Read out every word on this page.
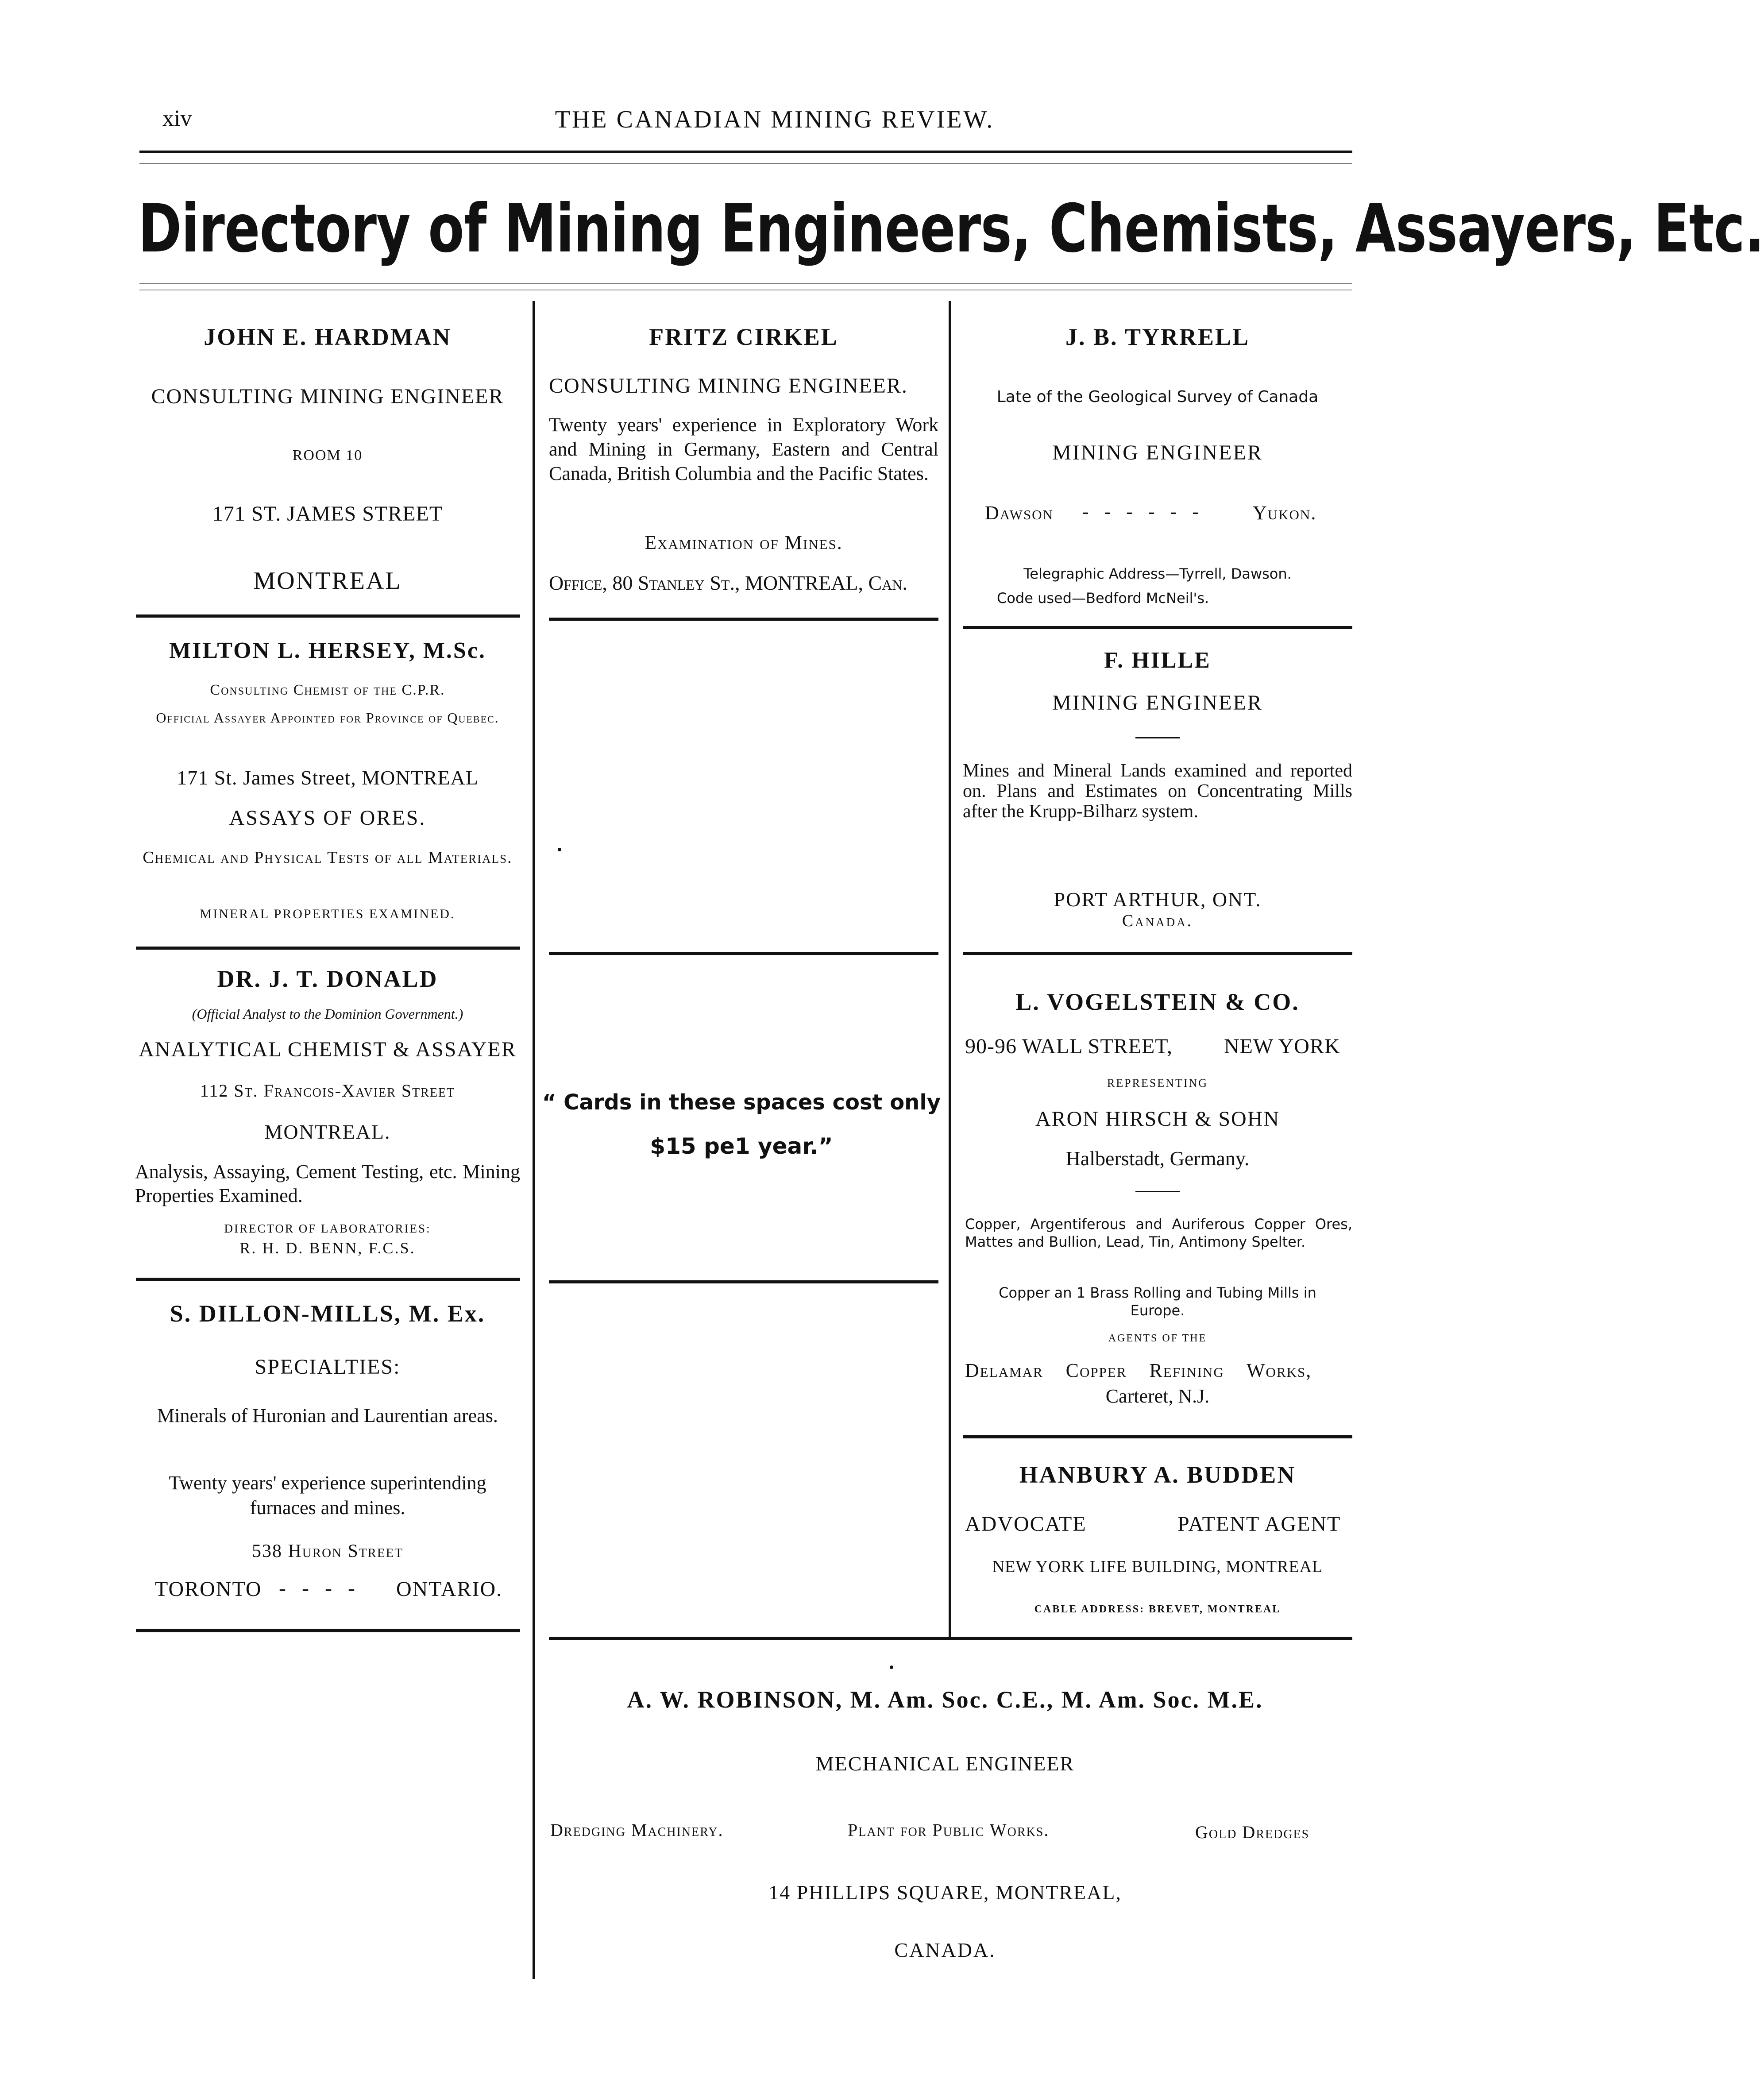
xiv	THE CANADIAN MINING REVIEW.
Directory of Mining Engineers, Chemists, Assayers, Etc.
JOHN E. HARDMAN
CONSULTING MINING ENGINEER
ROOM 10
171 ST. JAMES STREET
MONTREAL
FRITZ CIRKEL
CONSULTING MINING ENGINEER.
Twenty years' experience in Exploratory Work and Mining in Germany, Eastern and Central Canada, British Columbia and the Pacific States.
Examination of Mines.
Office, 80 Stanley St., MONTREAL, Can.
J. B. TYRRELL
Late of the Geological Survey of Canada
MINING ENGINEER
Dawson - - - - - -	Yukon.
Telegraphic Address—Tyrrell, Dawson.
Code used—Bedford McNeil's.
MILTON L. HERSEY, M.Sc.
Consulting Chemist of the C.P.R.
Official Assayer Appointed for Province of Quebec.
171 St. James Street, MONTREAL
ASSAYS OF ORES.
Chemical and Physical Tests of all Materials.
MINERAL PROPERTIES EXAMINED.
F. HILLE
MINING ENGINEER
Mines and Mineral Lands examined and reported on. Plans and Estimates on Concentrating Mills after the Krupp-Bilharz system.
PORT ARTHUR, ONT.
Canada.
DR. J. T. DONALD
(Official Analyst to the Dominion Government.)
ANALYTICAL CHEMIST & ASSAYER
112 St. Francois-Xavier Street
MONTREAL.
Analysis, Assaying, Cement Testing, etc. Mining Properties Examined.
DIRECTOR OF LABORATORIES:
R. H. D. BENN, F.C.S.
“ Cards in these spaces cost only
$15 pe1 year.”
L. VOGELSTEIN & CO.
90-96 WALL STREET, NEW YORK
REPRESENTING
ARON HIRSCH & SOHN
Halberstadt, Germany.
Copper, Argentiferous and Auriferous Copper Ores, Mattes and Bullion, Lead, Tin, Antimony Spelter.
Copper an 1 Brass Rolling and Tubing Mills in Europe.
AGENTS OF THE
Delamar Copper Refining Works,
Carteret, N.J.
S. DILLON-MILLS, M. Ex.
SPECIALTIES:
Minerals of Huronian and Laurentian areas.
Twenty years' experience superintending furnaces and mines.
538 Huron Street
TORONTO - - - - ONTARIO.
HANBURY A. BUDDEN
ADVOCATE	PATENT AGENT
NEW YORK LIFE BUILDING, MONTREAL
CABLE ADDRESS: BREVET, MONTREAL
A. W. ROBINSON, M. Am. Soc. C.E., M. Am. Soc. M.E.
MECHANICAL ENGINEER
Dredging Machinery.	Plant for Public Works.	Gold Dredges
14 PHILLIPS SQUARE, MONTREAL,
CANADA.
